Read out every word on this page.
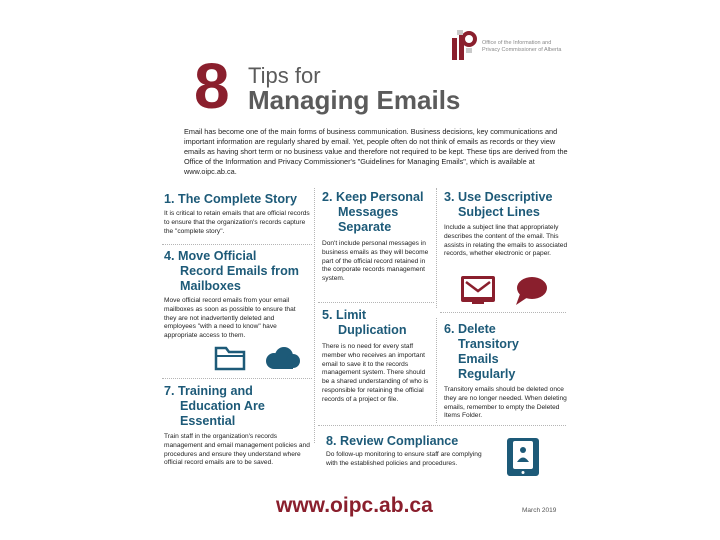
Office of the Information and
Privacy Commissioner of Alberta
8 Tips for
Managing Emails
Email has become one of the main forms of business communication. Business decisions, key communications and important information are regularly shared by email. Yet, people often do not think of emails as records or they view emails as having short term or no business value and therefore not required to be kept. These tips are derived from the Office of the Information and Privacy Commissioner's "Guidelines for Managing Emails", which is available at www.oipc.ab.ca.
1. The Complete Story
It is critical to retain emails that are official records to ensure that the organization's records capture the "complete story".
2. Keep Personal
Messages
Separate
Don't include personal messages in business emails as they will become part of the official record retained in the corporate records management system.
3. Use Descriptive
Subject Lines
Include a subject line that appropriately describes the content of the email. This assists in relating the emails to associated records, whether electronic or paper.
4. Move Official
Record Emails from
Mailboxes
Move official record emails from your email mailboxes as soon as possible to ensure that they are not inadvertently deleted and employees "with a need to know" have appropriate access to them.
5. Limit
Duplication
There is no need for every staff member who receives an important email to save it to the records management system. There should be a shared understanding of who is responsible for retaining the official records of a project or file.
6. Delete
Transitory
Emails
Regularly
Transitory emails should be deleted once they are no longer needed. When deleting emails, remember to empty the Deleted Items Folder.
7. Training and
Education Are
Essential
Train staff in the organization's records management and email management policies and procedures and ensure they understand where official record emails are to be saved.
8. Review Compliance
Do follow-up monitoring to ensure staff are complying with the established policies and procedures.
www.oipc.ab.ca	March 2019
